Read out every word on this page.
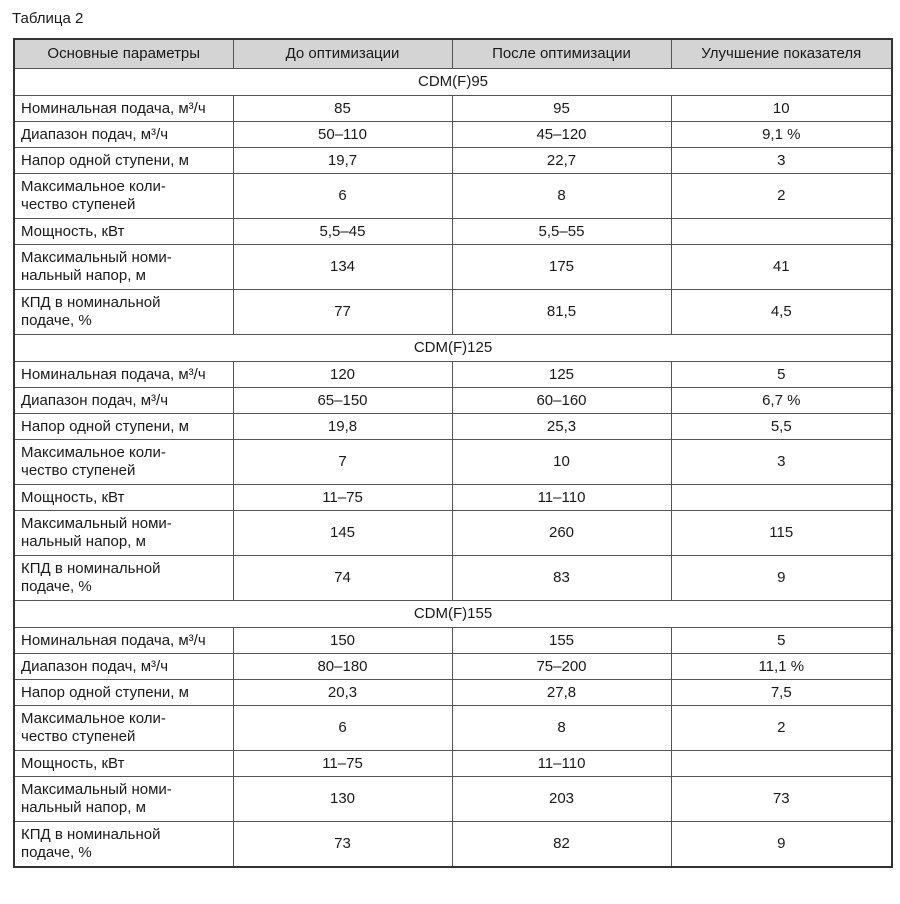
Таблица 2
Основные параметры	До оптимизации	После оптимизации	Улучшение показателя
CDM(F)95			

Номинальная подача, м³/ч	85	95	10

Диапазон подач, м³/ч	50–110	45–120	9,1 %

Напор одной ступени, м	19,7	22,7	3

Максимальное коли-
чество ступеней	6	8	2

Мощность, кВт	5,5–45	5,5–55	

Максимальный номи-
нальный напор, м	134	175	41

КПД в номинальной
подаче, %	77	81,5	4,5
CDM(F)125			

Номинальная подача, м³/ч	120	125	5

Диапазон подач, м³/ч	65–150	60–160	6,7 %

Напор одной ступени, м	19,8	25,3	5,5

Максимальное коли-
чество ступеней	7	10	3

Мощность, кВт	11–75	11–110	

Максимальный номи-
нальный напор, м	145	260	115

КПД в номинальной
подаче, %	74	83	9
CDM(F)155			

Номинальная подача, м³/ч	150	155	5

Диапазон подач, м³/ч	80–180	75–200	11,1 %

Напор одной ступени, м	20,3	27,8	7,5

Максимальное коли-
чество ступеней	6	8	2

Мощность, кВт	11–75	11–110	

Максимальный номи-
нальный напор, м	130	203	73

КПД в номинальной
подаче, %	73	82	9
